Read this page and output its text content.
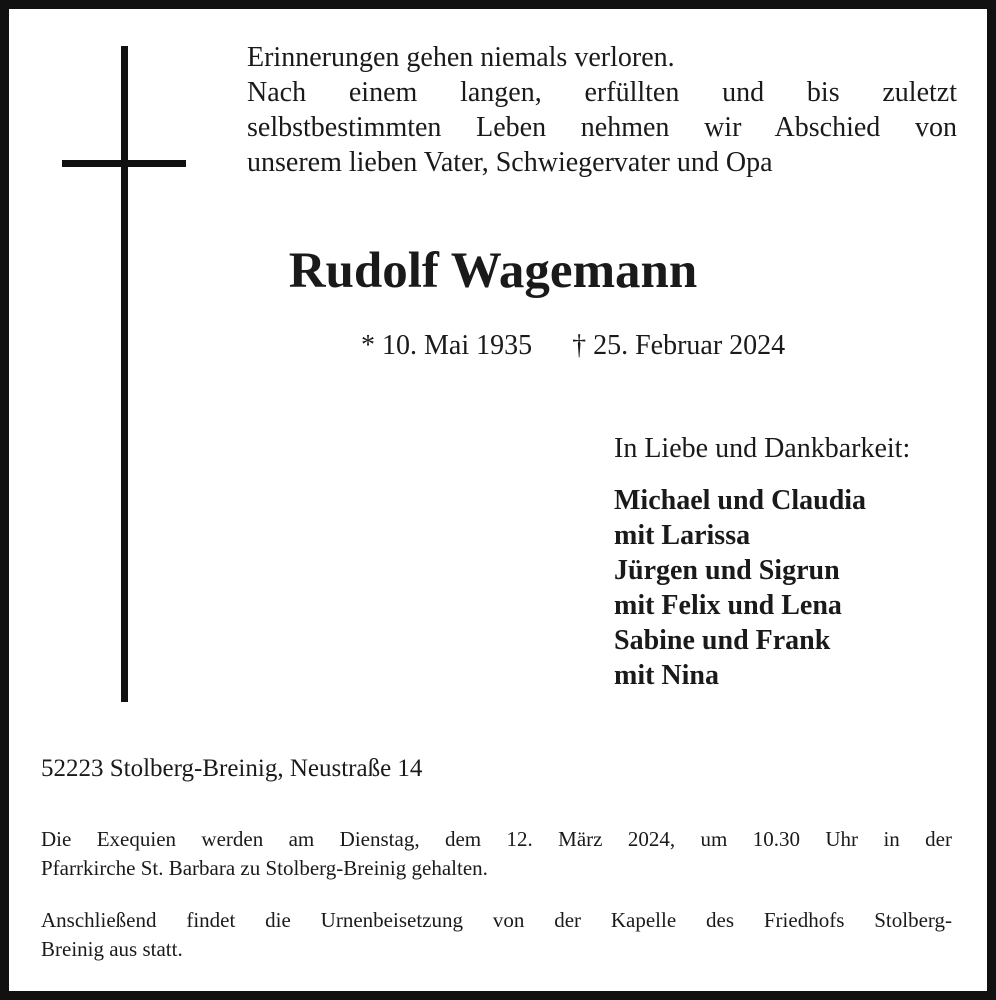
Erinnerungen gehen niemals verloren.
Nach einem langen, erfüllten und bis zuletzt
selbstbestimmten Leben nehmen wir Abschied von
unserem lieben Vater, Schwiegervater und Opa
Rudolf Wagemann
* 10. Mai 1935 † 25. Februar 2024
In Liebe und Dankbarkeit:
Michael und Claudia
mit Larissa
Jürgen und Sigrun
mit Felix und Lena
Sabine und Frank
mit Nina
52223 Stolberg-Breinig, Neustraße 14

Die Exequien werden am Dienstag, dem 12. März 2024, um 10.30 Uhr in der
Pfarrkirche St. Barbara zu Stolberg-Breinig gehalten.

Anschließend findet die Urnenbeisetzung von der Kapelle des Friedhofs Stolberg-
Breinig aus statt.
